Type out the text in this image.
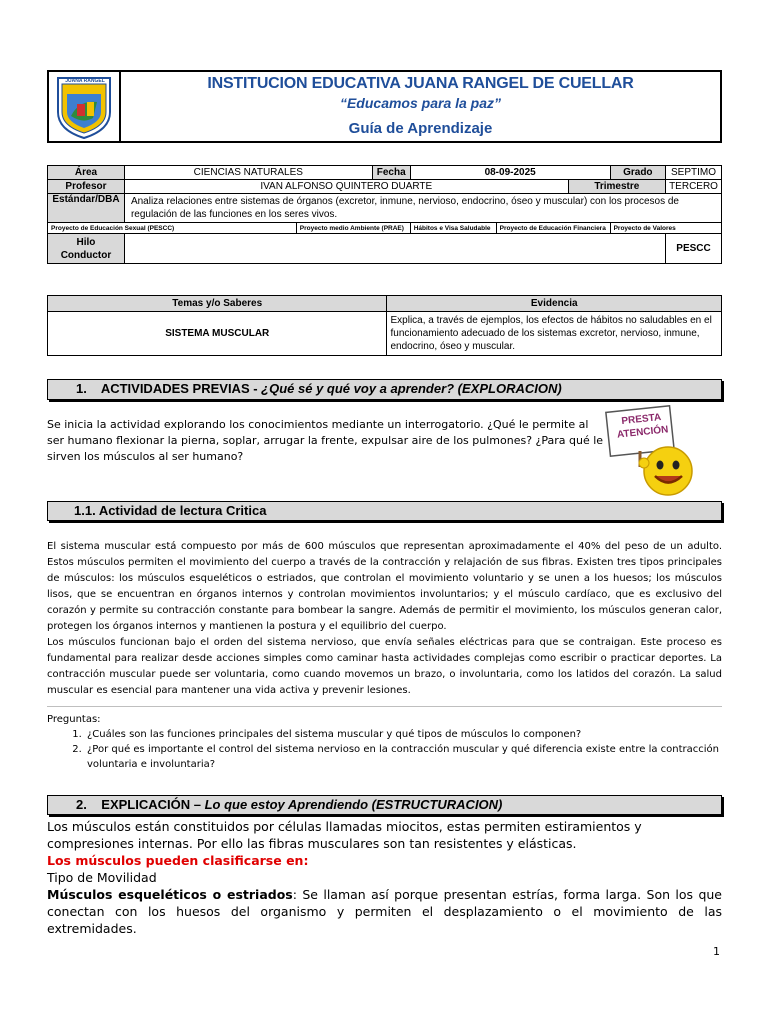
JUANA RANGEL	INSTITUCION EDUCATIVA JUANA RANGEL DE CUELLAR
“Educamos para la paz”
Guía de Aprendizaje
Área	CIENCIAS NATURALES		Fecha	08-09-2025			Grado	SEPTIMO
Profesor	IVAN ALFONSO QUINTERO DUARTE					Trimestre		TERCERO
Estándar/DBA	Analiza relaciones entre sistemas de órganos (excretor, inmune, nervioso, endocrino, óseo y muscular) con los procesos de regulación de las funciones en los seres vivos.							
Proyecto de Educación Sexual (PESCC)		Proyecto medio Ambiente (PRAE)		Hábitos e Visa Saludable	Proyecto de Educación Financiera		Proyecto de Valores	
Hilo Conductor								PESCC
Temas y/o Saberes	Evidencia
SISTEMA MUSCULAR	Explica, a través de ejemplos, los efectos de hábitos no saludables en el funcionamiento adecuado de los sistemas excretor, nervioso, inmune, endocrino, óseo y muscular.
1. ACTIVIDADES PREVIAS - ¿Qué sé y qué voy a aprender? (EXPLORACION)

Se inicia la actividad explorando los conocimientos mediante un interrogatorio. ¿Qué le permite al ser humano flexionar la pierna, soplar, arrugar la frente, expulsar aire de los pulmones? ¿Para qué le sirven los músculos al ser humano?

PRESTA
ATENCIÓN
1.1. Actividad de lectura Critica

El sistema muscular está compuesto por más de 600 músculos que representan aproximadamente el 40% del peso de un adulto. Estos músculos permiten el movimiento del cuerpo a través de la contracción y relajación de sus fibras. Existen tres tipos principales de músculos: los músculos esqueléticos o estriados, que controlan el movimiento voluntario y se unen a los huesos; los músculos lisos, que se encuentran en órganos internos y controlan movimientos involuntarios; y el músculo cardíaco, que es exclusivo del corazón y permite su contracción constante para bombear la sangre. Además de permitir el movimiento, los músculos generan calor, protegen los órganos internos y mantienen la postura y el equilibrio del cuerpo.

Los músculos funcionan bajo el orden del sistema nervioso, que envía señales eléctricas para que se contraigan. Este proceso es fundamental para realizar desde acciones simples como caminar hasta actividades complejas como escribir o practicar deportes. La contracción muscular puede ser voluntaria, como cuando movemos un brazo, o involuntaria, como los latidos del corazón. La salud muscular es esencial para mantener una vida activa y prevenir lesiones.

Preguntas:
1. ¿Cuáles son las funciones principales del sistema muscular y qué tipos de músculos lo componen?
2. ¿Por qué es importante el control del sistema nervioso en la contracción muscular y qué diferencia existe entre la contracción voluntaria e involuntaria?
2. EXPLICACIÓN – Lo que estoy Aprendiendo (ESTRUCTURACION)
Los músculos están constituidos por células llamadas miocitos, estas permiten estiramientos y compresiones internas. Por ello las fibras musculares son tan resistentes y elásticas.
Los músculos pueden clasificarse en:
Tipo de Movilidad
Músculos esqueléticos o estriados: Se llaman así porque presentan estrías, forma larga. Son los que conectan con los huesos del organismo y permiten el desplazamiento o el movimiento de las extremidades.
1
